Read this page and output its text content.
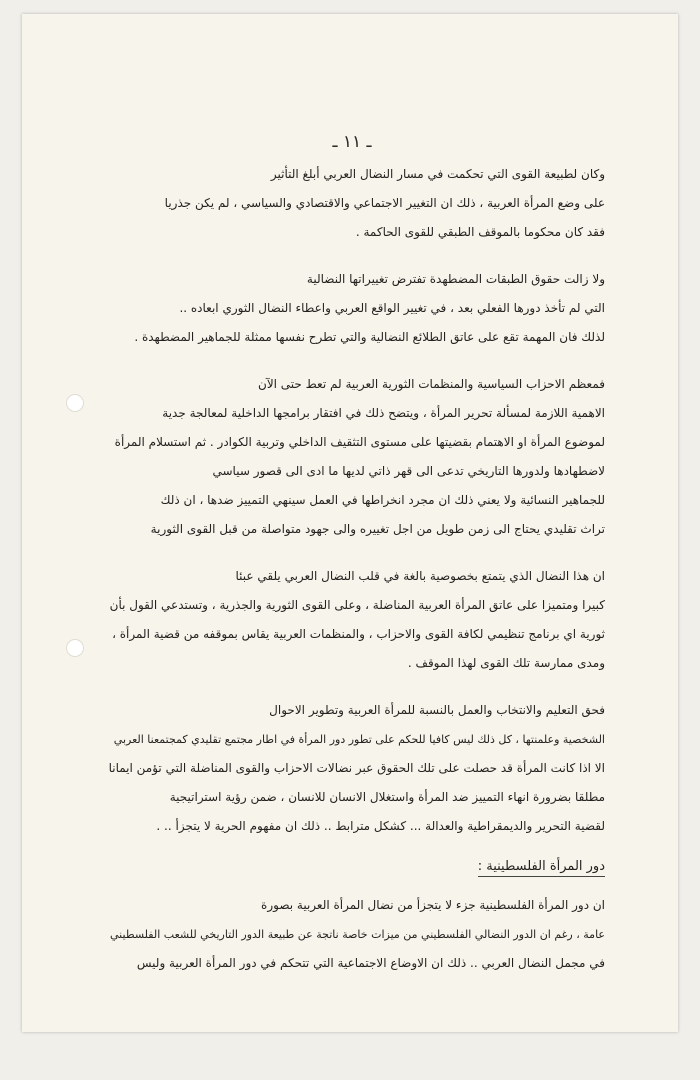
ـ ١١ ـ

وكان لطبيعة القوى التي تحكمت في مسار النضال العربي أبلغ التأثير

على وضع المرأة العربية ، ذلك ان التغيير الاجتماعي والاقتصادي والسياسي ، لم يكن جذريا

فقد كان محكوما بالموقف الطبقي للقوى الحاكمة .

ولا زالت حقوق الطبقات المضطهدة تفترض تغييراتها النضالية

التي لم تأخذ دورها الفعلي بعد ، في تغيير الواقع العربي واعطاء النضال الثوري ابعاده ..

لذلك فان المهمة تقع على عاتق الطلائع النضالية والتي تطرح نفسها ممثلة للجماهير المضطهدة .

فمعظم الاحزاب السياسية والمنظمات الثورية العربية لم تعط حتى الآن

الاهمية اللازمة لمسألة تحرير المرأة ، ويتضح ذلك في افتقار برامجها الداخلية لمعالجة جدية

لموضوع المرأة او الاهتمام بقضيتها على مستوى التثقيف الداخلي وتربية الكوادر . ثم استسلام المرأة

لاضطهادها ولدورها التاريخي تدعى الى قهر ذاتي لديها ما ادى الى قصور سياسي

للجماهير النسائية ولا يعني ذلك ان مجرد انخراطها في العمل سينهي التمييز ضدها ، ان ذلك

تراث تقليدي يحتاج الى زمن طويل من اجل تغييره والى جهود متواصلة من قبل القوى الثورية

ان هذا النضال الذي يتمتع بخصوصية بالغة في قلب النضال العربي يلقي عبئا

كبيرا ومتميزا على عاتق المرأة العربية المناضلة ، وعلى القوى الثورية والجذرية ، وتستدعي القول بأن

ثورية اي برنامج تنظيمي لكافة القوى والاحزاب ، والمنظمات العربية يقاس بموقفه من قضية المرأة ،

ومدى ممارسة تلك القوى لهذا الموقف .

فحق التعليم والانتخاب والعمل بالنسبة للمرأة العربية وتطوير الاحوال

الشخصية وعلمنتها ، كل ذلك ليس كافيا للحكم على تطور دور المرأة في اطار مجتمع تقليدي كمجتمعنا العربي

الا اذا كانت المرأة قد حصلت على تلك الحقوق عبر نضالات الاحزاب والقوى المناضلة التي تؤمن ايمانا

مطلقا بضرورة انهاء التمييز ضد المرأة واستغلال الانسان للانسان ، ضمن رؤية استراتيجية

لقضية التحرير والديمقراطية والعدالة ... كشكل مترابط .. ذلك ان مفهوم الحرية لا يتجزأ .. .

دور المرأة الفلسطينية :

ان دور المرأة الفلسطينية جزء لا يتجزأ من نضال المرأة العربية بصورة

عامة ، رغم ان الدور النضالي الفلسطيني من ميزات خاصة ناتجة عن طبيعة الدور التاريخي للشعب الفلسطيني

في مجمل النضال العربي .. ذلك ان الاوضاع الاجتماعية التي تتحكم في دور المرأة العربية وليس
